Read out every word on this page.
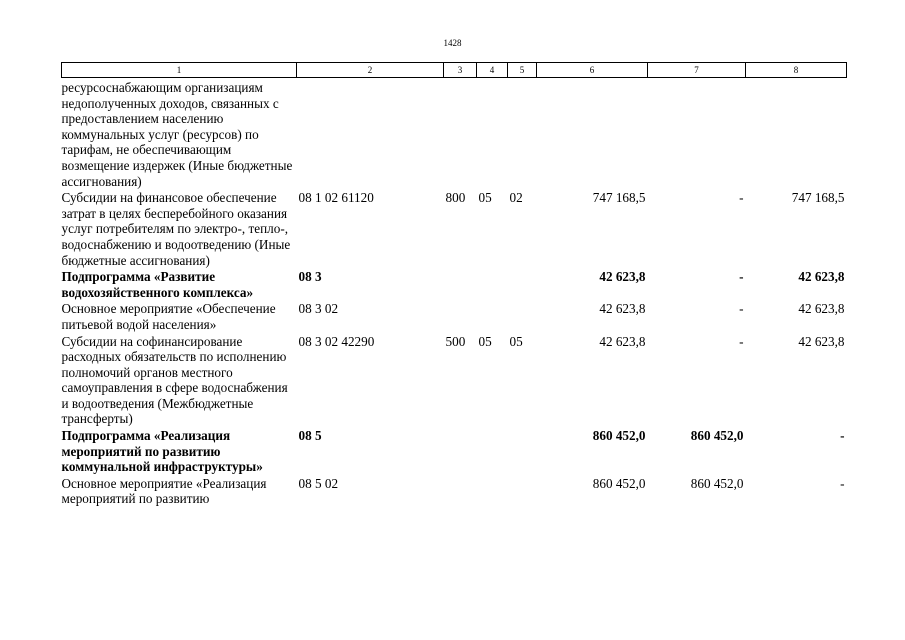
1428
1	2	3	4	5	6	7	8
ресурсоснабжающим организациям недополученных доходов, связанных с предоставлением населению коммунальных услуг (ресурсов) по тарифам, не обеспечивающим возмещение издержек (Иные бюджетные ассигнования)							
Субсидии на финансовое обеспечение затрат в целях бесперебойного оказания услуг потребителям по электро-, тепло-, водоснабжению и водоотведению (Иные бюджетные ассигнования)	08 1 02 61120	800	05	02	747 168,5	-	747 168,5
Подпрограмма «Развитие водохозяйственного комплекса»	08 3				42 623,8	-	42 623,8
Основное мероприятие «Обеспечение питьевой водой населения»	08 3 02				42 623,8	-	42 623,8
Субсидии на софинансирование расходных обязательств по исполнению полномочий органов местного самоуправления в сфере водоснабжения и водоотведения (Межбюджетные трансферты)	08 3 02 42290	500	05	05	42 623,8	-	42 623,8
Подпрограмма «Реализация мероприятий по развитию коммунальной инфраструктуры»	08 5				860 452,0	860 452,0	-
Основное мероприятие «Реализация мероприятий по развитию	08 5 02				860 452,0	860 452,0	-
